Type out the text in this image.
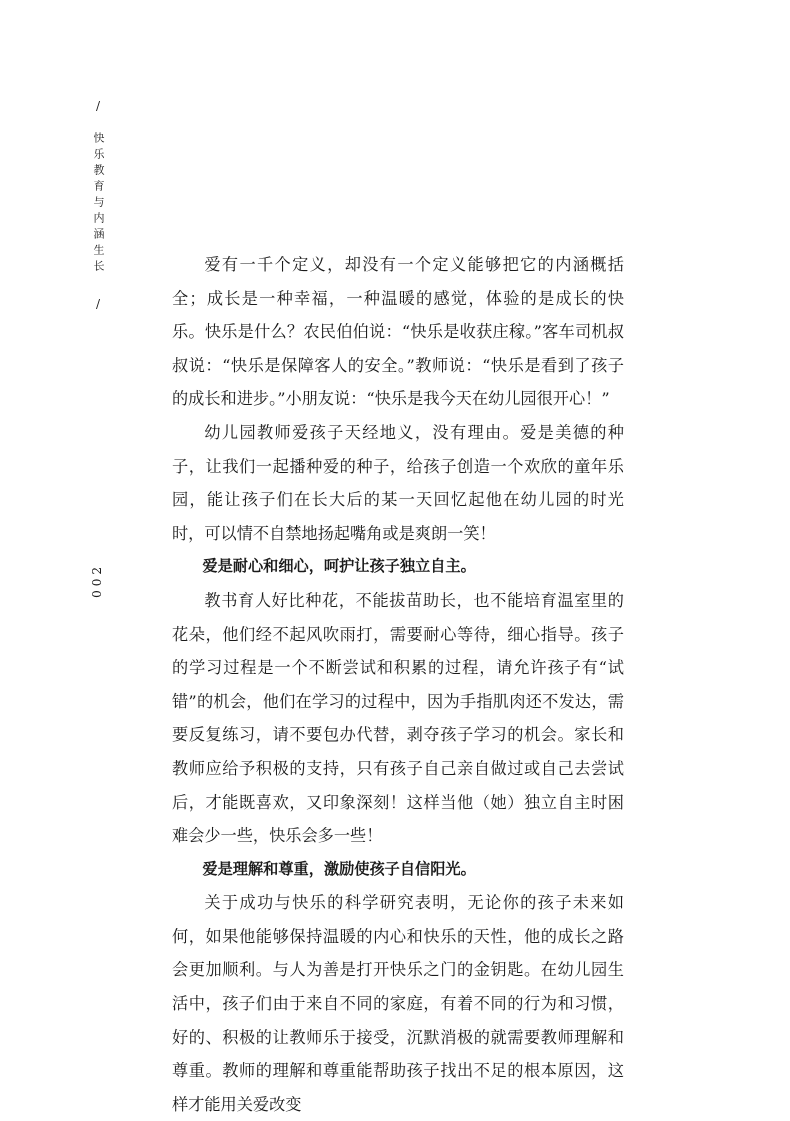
/
快乐教育与内涵生长
/
002

爱有一千个定义，却没有一个定义能够把它的内涵概括全；成长是一种幸福，一种温暖的感觉，体验的是成长的快乐。快乐是什么？农民伯伯说：“快乐是收获庄稼。”客车司机叔叔说：“快乐是保障客人的安全。”教师说：“快乐是看到了孩子的成长和进步。”小朋友说：“快乐是我今天在幼儿园很开心！”

幼儿园教师爱孩子天经地义，没有理由。爱是美德的种子，让我们一起播种爱的种子，给孩子创造一个欢欣的童年乐园，能让孩子们在长大后的某一天回忆起他在幼儿园的时光时，可以情不自禁地扬起嘴角或是爽朗一笑！

爱是耐心和细心，呵护让孩子独立自主。

教书育人好比种花，不能拔苗助长，也不能培育温室里的花朵，他们经不起风吹雨打，需要耐心等待，细心指导。孩子的学习过程是一个不断尝试和积累的过程，请允许孩子有“试错”的机会，他们在学习的过程中，因为手指肌肉还不发达，需要反复练习，请不要包办代替，剥夺孩子学习的机会。家长和教师应给予积极的支持，只有孩子自己亲自做过或自己去尝试后，才能既喜欢，又印象深刻！这样当他（她）独立自主时困难会少一些，快乐会多一些！

爱是理解和尊重，激励使孩子自信阳光。

关于成功与快乐的科学研究表明，无论你的孩子未来如何，如果他能够保持温暖的内心和快乐的天性，他的成长之路会更加顺利。与人为善是打开快乐之门的金钥匙。在幼儿园生活中，孩子们由于来自不同的家庭，有着不同的行为和习惯，好的、积极的让教师乐于接受，沉默消极的就需要教师理解和尊重。教师的理解和尊重能帮助孩子找出不足的根本原因，这样才能用关爱改变
